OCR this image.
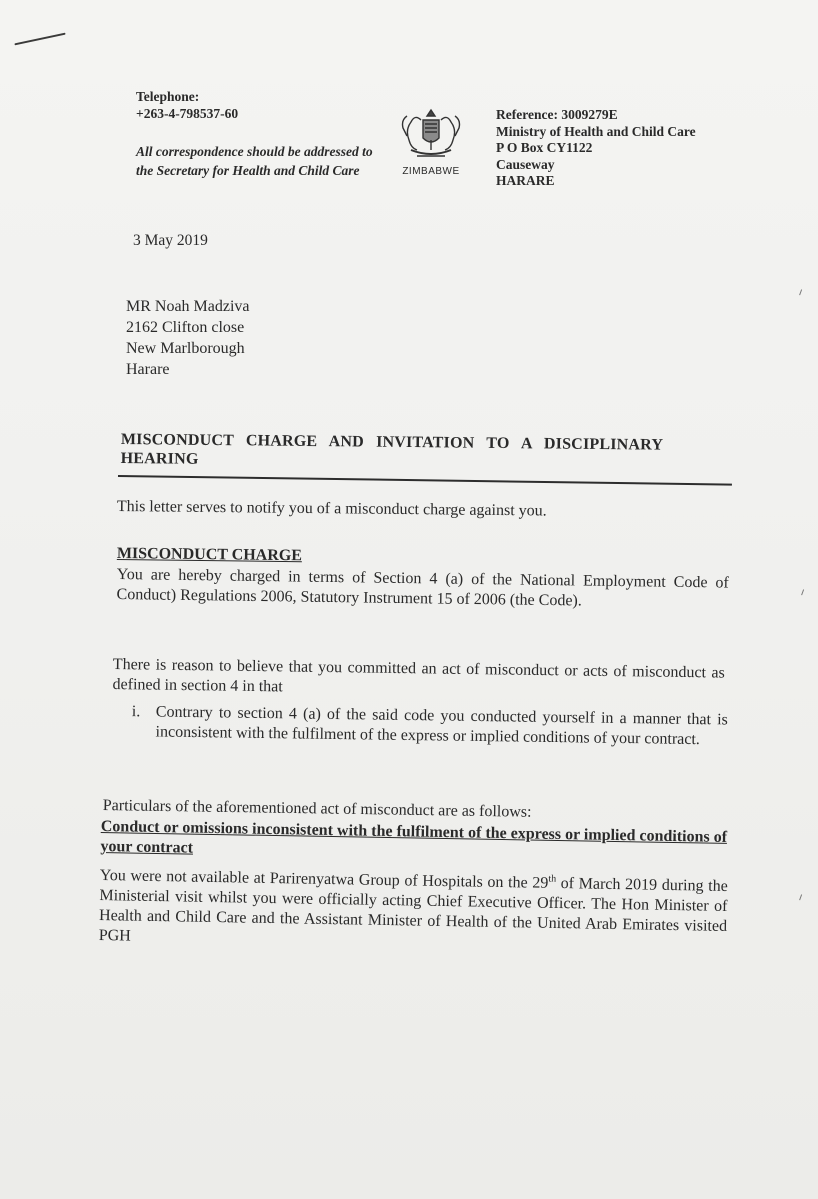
Telephone:
+263-4-798537-60
All correspondence should be addressed to the Secretary for Health and Child Care	ZIMBABWE
Reference: 3009279E
Ministry of Health and Child Care
P O Box CY1122
Causeway
HARARE
3 May 2019
MR Noah Madziva
2162 Clifton close
New Marlborough
Harare
MISCONDUCT CHARGE AND INVITATION TO A DISCIPLINARY HEARING
This letter serves to notify you of a misconduct charge against you.
MISCONDUCT CHARGE
You are hereby charged in terms of Section 4 (a) of the National Employment Code of Conduct) Regulations 2006, Statutory Instrument 15 of 2006 (the Code).
There is reason to believe that you committed an act of misconduct or acts of misconduct as defined in section 4 in that
i. Contrary to section 4 (a) of the said code you conducted yourself in a manner that is inconsistent with the fulfilment of the express or implied conditions of your contract.
Particulars of the aforementioned act of misconduct are as follows:
Conduct or omissions inconsistent with the fulfilment of the express or implied conditions of your contract
You were not available at Parirenyatwa Group of Hospitals on the 29th of March 2019 during the Ministerial visit whilst you were officially acting Chief Executive Officer. The Hon Minister of Health and Child Care and the Assistant Minister of Health of the United Arab Emirates visited PGH
